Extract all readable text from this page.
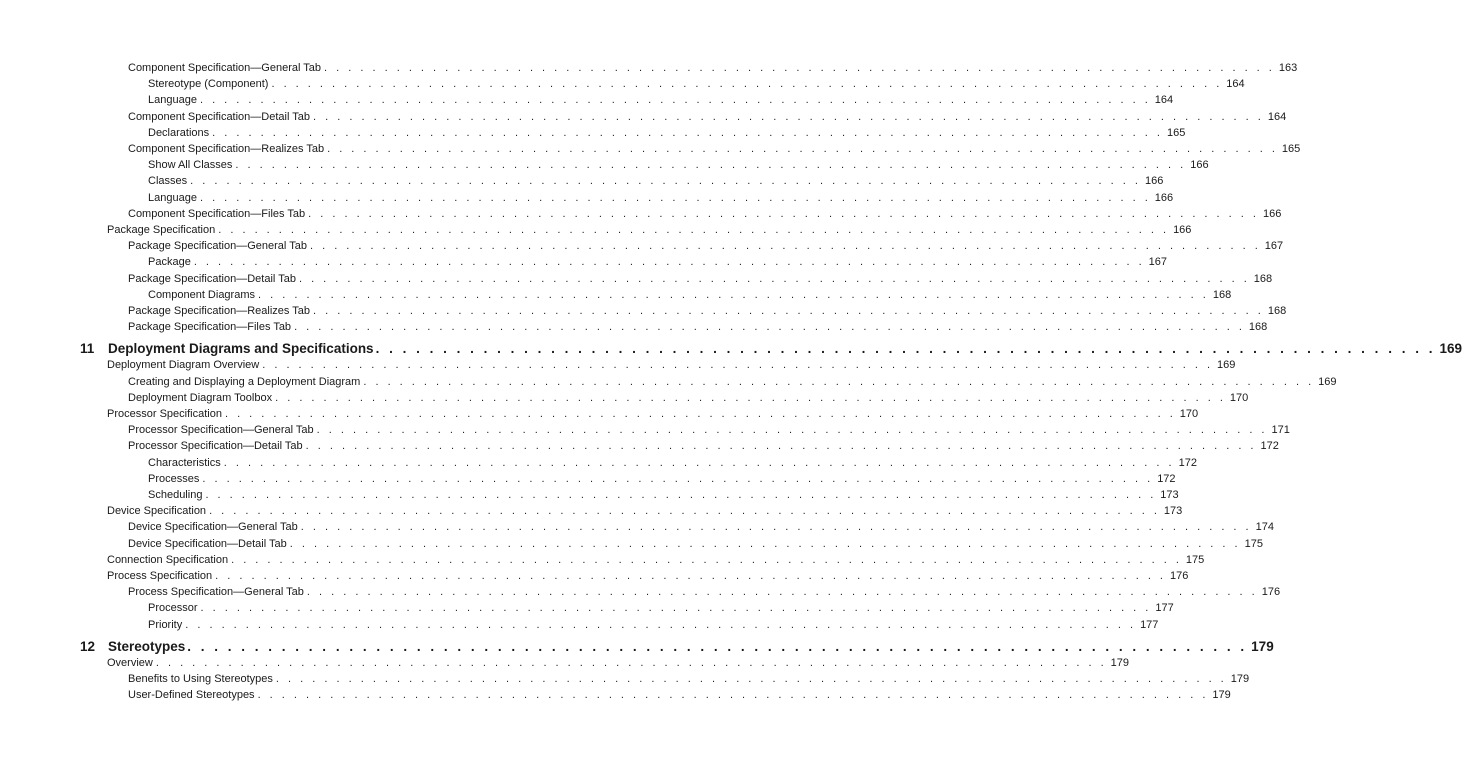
Component Specification—General Tab . . . . . . . . . . . . . . . . . . . . . . . . . . . . . . . . . . . . . . . . . . . . . . . . . . . . . . . . . . . . . . . . . . . . . . . . . . . . . . . 163
Stereotype (Component) . . . . . . . . . . . . . . . . . . . . . . . . . . . . . . . . . . . . . . . . . . . . . . . . . . . . . . . . . . . . . . . . . . . . . . . . . . . . . . . 164
Language . . . . . . . . . . . . . . . . . . . . . . . . . . . . . . . . . . . . . . . . . . . . . . . . . . . . . . . . . . . . . . . . . . . . . . . . . . . . . . . 164
Component Specification—Detail Tab . . . . . . . . . . . . . . . . . . . . . . . . . . . . . . . . . . . . . . . . . . . . . . . . . . . . . . . . . . . . . . . . . . . . . . . . . . . . . . . 164
Declarations . . . . . . . . . . . . . . . . . . . . . . . . . . . . . . . . . . . . . . . . . . . . . . . . . . . . . . . . . . . . . . . . . . . . . . . . . . . . . . . 165
Component Specification—Realizes Tab . . . . . . . . . . . . . . . . . . . . . . . . . . . . . . . . . . . . . . . . . . . . . . . . . . . . . . . . . . . . . . . . . . . . . . . . . . . . . . . 165
Show All Classes . . . . . . . . . . . . . . . . . . . . . . . . . . . . . . . . . . . . . . . . . . . . . . . . . . . . . . . . . . . . . . . . . . . . . . . . . . . . . . . 166
Classes . . . . . . . . . . . . . . . . . . . . . . . . . . . . . . . . . . . . . . . . . . . . . . . . . . . . . . . . . . . . . . . . . . . . . . . . . . . . . . . 166
Language . . . . . . . . . . . . . . . . . . . . . . . . . . . . . . . . . . . . . . . . . . . . . . . . . . . . . . . . . . . . . . . . . . . . . . . . . . . . . . . 166
Component Specification—Files Tab . . . . . . . . . . . . . . . . . . . . . . . . . . . . . . . . . . . . . . . . . . . . . . . . . . . . . . . . . . . . . . . . . . . . . . . . . . . . . . . 166
Package Specification . . . . . . . . . . . . . . . . . . . . . . . . . . . . . . . . . . . . . . . . . . . . . . . . . . . . . . . . . . . . . . . . . . . . . . . . . . . . . . . 166
Package Specification—General Tab . . . . . . . . . . . . . . . . . . . . . . . . . . . . . . . . . . . . . . . . . . . . . . . . . . . . . . . . . . . . . . . . . . . . . . . . . . . . . . . 167
Package . . . . . . . . . . . . . . . . . . . . . . . . . . . . . . . . . . . . . . . . . . . . . . . . . . . . . . . . . . . . . . . . . . . . . . . . . . . . . . . 167
Package Specification—Detail Tab . . . . . . . . . . . . . . . . . . . . . . . . . . . . . . . . . . . . . . . . . . . . . . . . . . . . . . . . . . . . . . . . . . . . . . . . . . . . . . . 168
Component Diagrams . . . . . . . . . . . . . . . . . . . . . . . . . . . . . . . . . . . . . . . . . . . . . . . . . . . . . . . . . . . . . . . . . . . . . . . . . . . . . . . 168
Package Specification—Realizes Tab . . . . . . . . . . . . . . . . . . . . . . . . . . . . . . . . . . . . . . . . . . . . . . . . . . . . . . . . . . . . . . . . . . . . . . . . . . . . . . . 168
Package Specification—Files Tab . . . . . . . . . . . . . . . . . . . . . . . . . . . . . . . . . . . . . . . . . . . . . . . . . . . . . . . . . . . . . . . . . . . . . . . . . . . . . . . 168
11	Deployment Diagrams and Specifications . . . . . . . . . . . . . . . . . . . . . . . . . . . . . . . . . . . . . . . . . . . . . . . . . . . . . . . . . . . . . . . . . . . . . . . . . . . . . . . 169
Deployment Diagram Overview . . . . . . . . . . . . . . . . . . . . . . . . . . . . . . . . . . . . . . . . . . . . . . . . . . . . . . . . . . . . . . . . . . . . . . . . . . . . . . . 169
Creating and Displaying a Deployment Diagram . . . . . . . . . . . . . . . . . . . . . . . . . . . . . . . . . . . . . . . . . . . . . . . . . . . . . . . . . . . . . . . . . . . . . . . . . . . . . . . 169
Deployment Diagram Toolbox . . . . . . . . . . . . . . . . . . . . . . . . . . . . . . . . . . . . . . . . . . . . . . . . . . . . . . . . . . . . . . . . . . . . . . . . . . . . . . . 170
Processor Specification . . . . . . . . . . . . . . . . . . . . . . . . . . . . . . . . . . . . . . . . . . . . . . . . . . . . . . . . . . . . . . . . . . . . . . . . . . . . . . . 170
Processor Specification—General Tab . . . . . . . . . . . . . . . . . . . . . . . . . . . . . . . . . . . . . . . . . . . . . . . . . . . . . . . . . . . . . . . . . . . . . . . . . . . . . . . 171
Processor Specification—Detail Tab . . . . . . . . . . . . . . . . . . . . . . . . . . . . . . . . . . . . . . . . . . . . . . . . . . . . . . . . . . . . . . . . . . . . . . . . . . . . . . . 172
Characteristics . . . . . . . . . . . . . . . . . . . . . . . . . . . . . . . . . . . . . . . . . . . . . . . . . . . . . . . . . . . . . . . . . . . . . . . . . . . . . . . 172
Processes . . . . . . . . . . . . . . . . . . . . . . . . . . . . . . . . . . . . . . . . . . . . . . . . . . . . . . . . . . . . . . . . . . . . . . . . . . . . . . . 172
Scheduling . . . . . . . . . . . . . . . . . . . . . . . . . . . . . . . . . . . . . . . . . . . . . . . . . . . . . . . . . . . . . . . . . . . . . . . . . . . . . . . 173
Device Specification . . . . . . . . . . . . . . . . . . . . . . . . . . . . . . . . . . . . . . . . . . . . . . . . . . . . . . . . . . . . . . . . . . . . . . . . . . . . . . . 173
Device Specification—General Tab . . . . . . . . . . . . . . . . . . . . . . . . . . . . . . . . . . . . . . . . . . . . . . . . . . . . . . . . . . . . . . . . . . . . . . . . . . . . . . . 174
Device Specification—Detail Tab . . . . . . . . . . . . . . . . . . . . . . . . . . . . . . . . . . . . . . . . . . . . . . . . . . . . . . . . . . . . . . . . . . . . . . . . . . . . . . . 175
Connection Specification . . . . . . . . . . . . . . . . . . . . . . . . . . . . . . . . . . . . . . . . . . . . . . . . . . . . . . . . . . . . . . . . . . . . . . . . . . . . . . . 175
Process Specification . . . . . . . . . . . . . . . . . . . . . . . . . . . . . . . . . . . . . . . . . . . . . . . . . . . . . . . . . . . . . . . . . . . . . . . . . . . . . . . 176
Process Specification—General Tab . . . . . . . . . . . . . . . . . . . . . . . . . . . . . . . . . . . . . . . . . . . . . . . . . . . . . . . . . . . . . . . . . . . . . . . . . . . . . . . 176
Processor . . . . . . . . . . . . . . . . . . . . . . . . . . . . . . . . . . . . . . . . . . . . . . . . . . . . . . . . . . . . . . . . . . . . . . . . . . . . . . . 177
Priority . . . . . . . . . . . . . . . . . . . . . . . . . . . . . . . . . . . . . . . . . . . . . . . . . . . . . . . . . . . . . . . . . . . . . . . . . . . . . . . 177
12 Stereotypes . . . . . . . . . . . . . . . . . . . . . . . . . . . . . . . . . . . . . . . . . . . . . . . . . . . . . . . . . . . . . . . . . . . . . . . . . . . . . . . 179
Overview . . . . . . . . . . . . . . . . . . . . . . . . . . . . . . . . . . . . . . . . . . . . . . . . . . . . . . . . . . . . . . . . . . . . . . . . . . . . . . . 179
Benefits to Using Stereotypes . . . . . . . . . . . . . . . . . . . . . . . . . . . . . . . . . . . . . . . . . . . . . . . . . . . . . . . . . . . . . . . . . . . . . . . . . . . . . . . 179
User-Defined Stereotypes . . . . . . . . . . . . . . . . . . . . . . . . . . . . . . . . . . . . . . . . . . . . . . . . . . . . . . . . . . . . . . . . . . . . . . . . . . . . . . . 179
